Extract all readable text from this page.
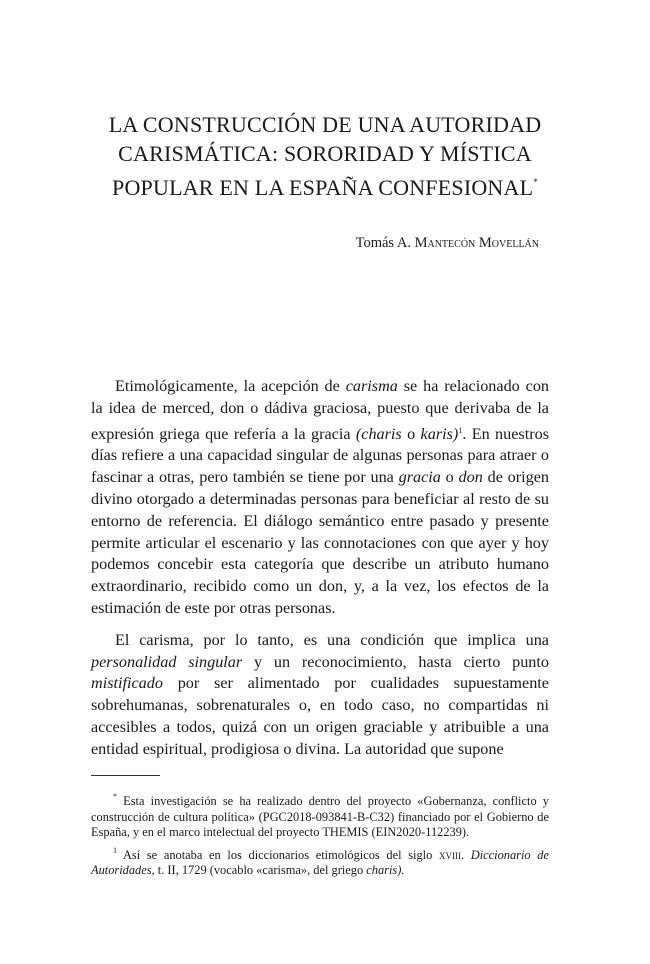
LA CONSTRUCCIÓN DE UNA AUTORIDAD
CARISMÁTICA: SORORIDAD Y MÍSTICA
POPULAR EN LA ESPAÑA CONFESIONAL*
Tomás A. Mantecón Movellán

Etimológicamente, la acepción de carisma se ha relacionado con la idea de merced, don o dádiva graciosa, puesto que derivaba de la expresión griega que refería a la gracia (charis o karis)$^1$. En nuestros días refiere a una capacidad singular de algunas personas para atraer o fascinar a otras, pero también se tiene por una gracia o don de origen divino otorgado a determinadas personas para beneficiar al resto de su entorno de referencia. El diálogo semántico entre pasado y presente permite articular el escenario y las connotaciones con que ayer y hoy podemos concebir esta categoría que describe un atributo humano extraordinario, recibido como un don, y, a la vez, los efectos de la estimación de este por otras personas.

El carisma, por lo tanto, es una condición que implica una personalidad singular y un reconocimiento, hasta cierto punto mistificado por ser alimentado por cualidades supuestamente sobrehumanas, sobrenaturales o, en todo caso, no compartidas ni accesibles a todos, quizá con un origen graciable y atribuible a una entidad espiritual, prodigiosa o divina. La autoridad que supone

* Esta investigación se ha realizado dentro del proyecto «Gobernanza, conflicto y construcción de cultura política» (PGC2018-093841-B-C32) financiado por el Gobierno de España, y en el marco intelectual del proyecto THEMIS (EIN2020-112239).

$^1$ Así se anotaba en los diccionarios etimológicos del siglo xviii. Diccionario de Autoridades, t. II, 1729 (vocablo «carisma», del griego charis).
